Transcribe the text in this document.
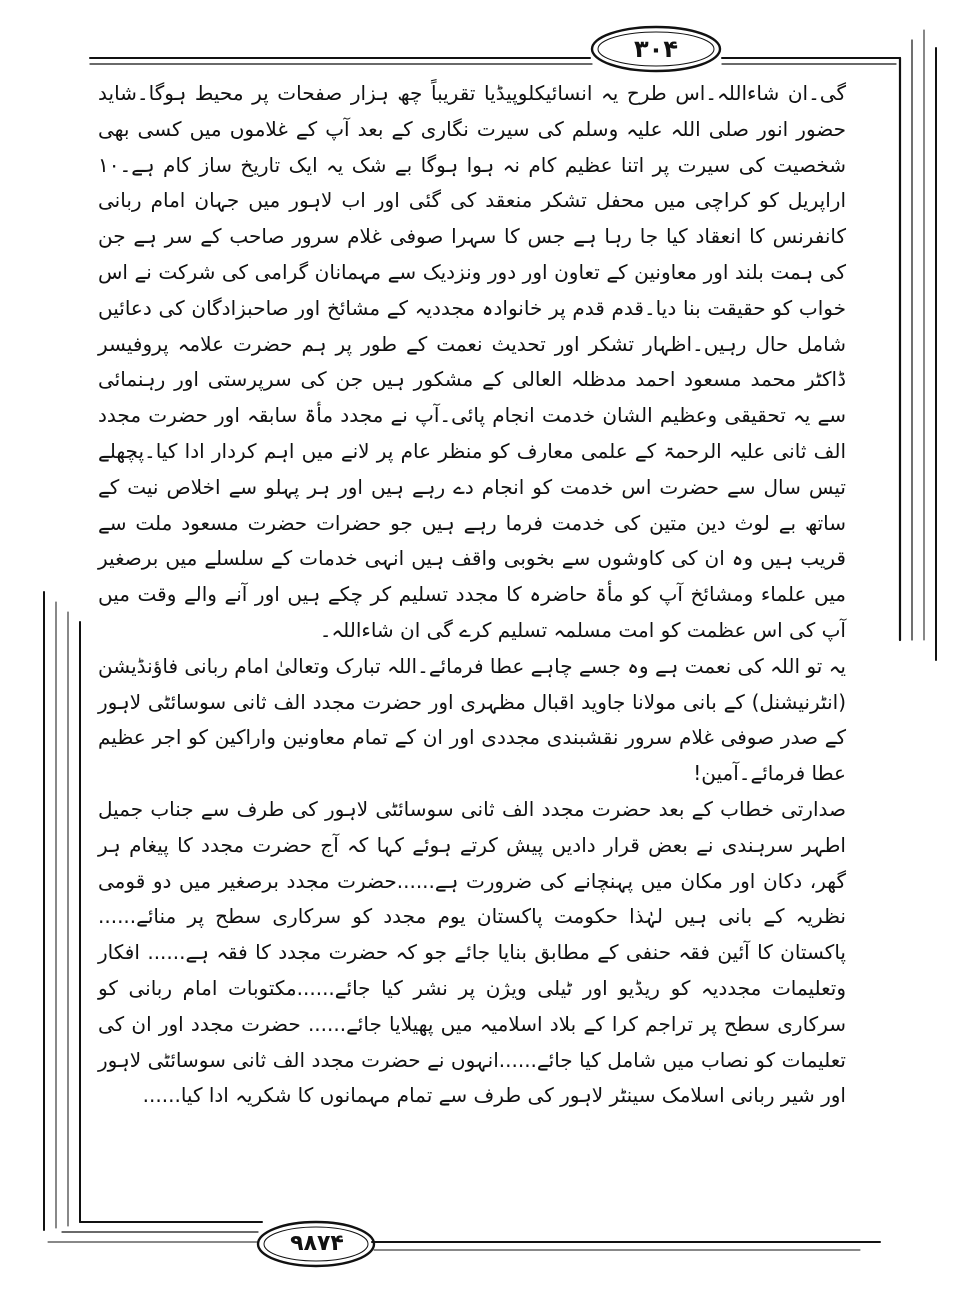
۳۰۴

گی۔ان شاءاللہ۔اس طرح یہ انسائیکلوپیڈیا تقریباً چھ ہزار صفحات پر محیط ہوگا۔شاید حضور انور صلی اللہ علیہ وسلم کی سیرت نگاری کے بعد آپ کے غلاموں میں کسی بھی شخصیت کی سیرت پر اتنا عظیم کام نہ ہوا ہوگا بے شک یہ ایک تاریخ ساز کام ہے۔۱۰ اراپریل کو کراچی میں محفل تشکر منعقد کی گئی اور اب لاہور میں جہان امام ربانی کانفرنس کا انعقاد کیا جا رہا ہے جس کا سہرا صوفی غلام سرور صاحب کے سر ہے جن کی ہمت بلند اور معاونین کے تعاون اور دور ونزدیک سے مہمانان گرامی کی شرکت نے اس خواب کو حقیقت بنا دیا۔قدم قدم پر خانوادہ مجددیہ کے مشائخ اور صاحبزادگان کی دعائیں شامل حال رہیں۔اظہار تشکر اور تحدیث نعمت کے طور پر ہم حضرت علامہ پروفیسر ڈاکٹر محمد مسعود احمد مدظلہ العالی کے مشکور ہیں جن کی سرپرستی اور رہنمائی سے یہ تحقیقی وعظیم الشان خدمت انجام پائی۔آپ نے مجدد مأۃ سابقہ اور حضرت مجدد الف ثانی علیہ الرحمۃ کے علمی معارف کو منظر عام پر لانے میں اہم کردار ادا کیا۔پچھلے تیس سال سے حضرت اس خدمت کو انجام دے رہے ہیں اور ہر پہلو سے اخلاص نیت کے ساتھ بے لوث دین متین کی خدمت فرما رہے ہیں جو حضرات حضرت مسعود ملت سے قریب ہیں وہ ان کی کاوشوں سے بخوبی واقف ہیں انہی خدمات کے سلسلے میں برصغیر میں علماء ومشائخ آپ کو مأۃ حاضرہ کا مجدد تسلیم کر چکے ہیں اور آنے والے وقت میں آپ کی اس عظمت کو امت مسلمہ تسلیم کرے گی ان شاءاللہ۔

یہ تو اللہ کی نعمت ہے وہ جسے چاہے عطا فرمائے۔اللہ تبارک وتعالیٰ امام ربانی فاؤنڈیشن (انٹرنیشنل) کے بانی مولانا جاوید اقبال مظہری اور حضرت مجدد الف ثانی سوسائٹی لاہور کے صدر صوفی غلام سرور نقشبندی مجددی اور ان کے تمام معاونین واراکین کو اجر عظیم عطا فرمائے۔آمین!

صدارتی خطاب کے بعد حضرت مجدد الف ثانی سوسائٹی لاہور کی طرف سے جناب جمیل اطہر سرہندی نے بعض قرار دادیں پیش کرتے ہوئے کہا کہ آج حضرت مجدد کا پیغام ہر گھر، دکان اور مکان میں پہنچانے کی ضرورت ہے......حضرت مجدد برصغیر میں دو قومی نظریہ کے بانی ہیں لہٰذا حکومت پاکستان یوم مجدد کو سرکاری سطح پر منائے...... پاکستان کا آئین فقہ حنفی کے مطابق بنایا جائے جو کہ حضرت مجدد کا فقہ ہے...... افکار وتعلیمات مجددیہ کو ریڈیو اور ٹیلی ویژن پر نشر کیا جائے......مکتوبات امام ربانی کو سرکاری سطح پر تراجم کرا کے بلاد اسلامیہ میں پھیلایا جائے...... حضرت مجدد اور ان کی تعلیمات کو نصاب میں شامل کیا جائے......انہوں نے حضرت مجدد الف ثانی سوسائٹی لاہور اور شیر ربانی اسلامک سینٹر لاہور کی طرف سے تمام مہمانوں کا شکریہ ادا کیا......

۹۸۷۴
